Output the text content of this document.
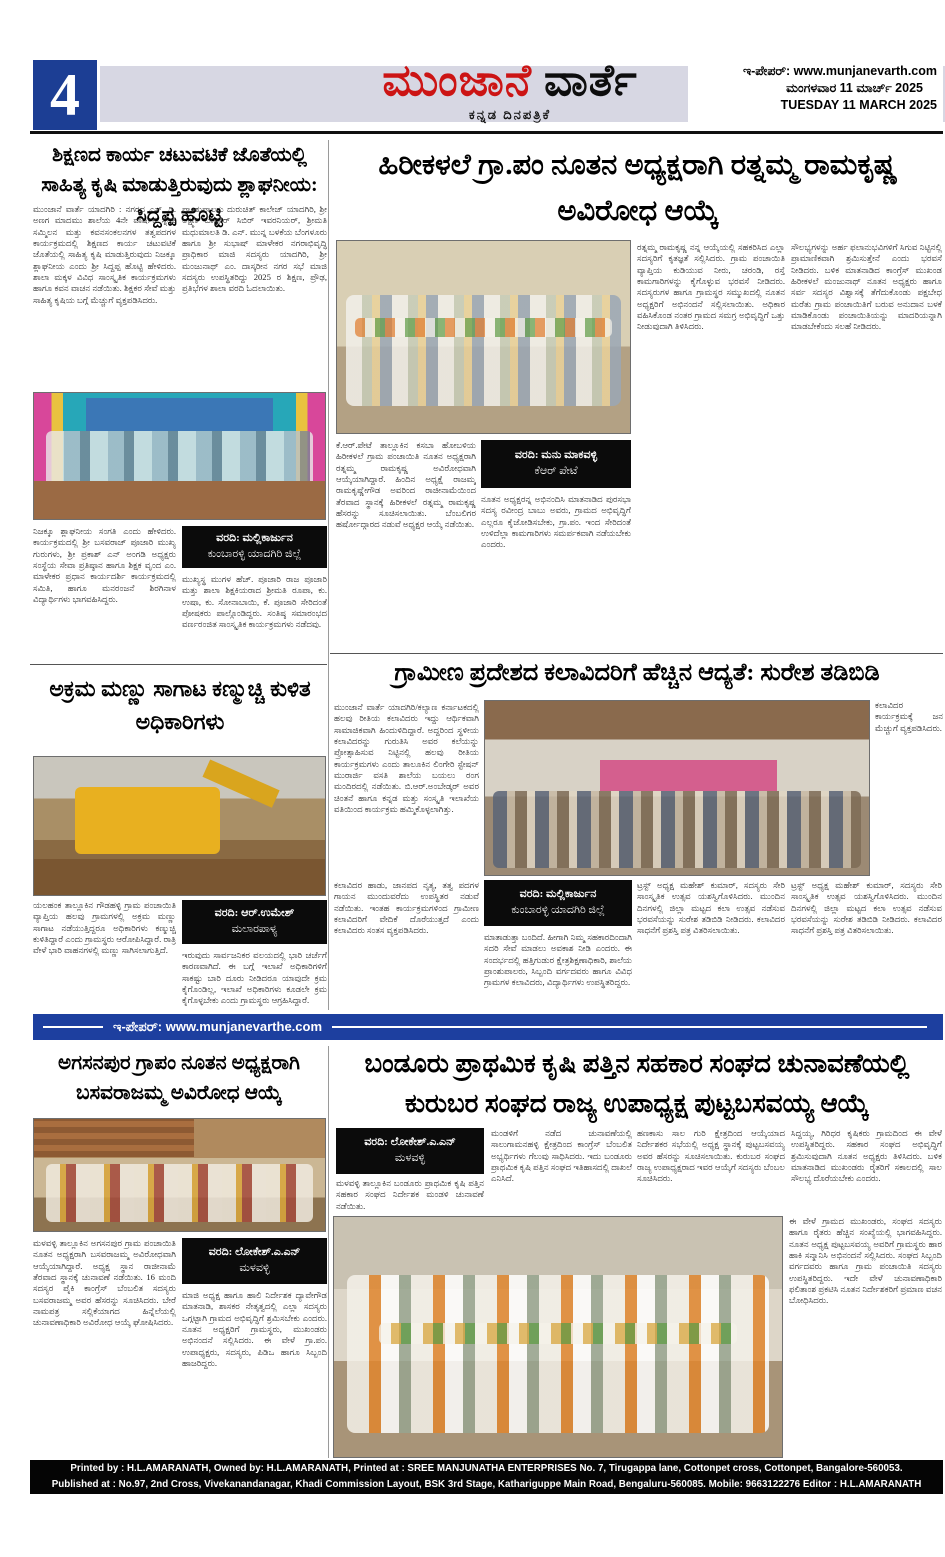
4	ಮುಂಜಾನೆ ವಾರ್ತೆ
ಕನ್ನಡ ದಿನಪತ್ರಿಕೆ
ಇ-ಪೇಪರ್: www.munjanevarth.com
ಮಂಗಳವಾರ 11 ಮಾರ್ಚ್ 2025
TUESDAY 11 MARCH 2025
ಶಿಕ್ಷಣದ ಕಾರ್ಯ ಚಟುವಟಿಕೆ ಜೊತೆಯಲ್ಲಿ ಸಾಹಿತ್ಯ ಕೃಷಿ ಮಾಡುತ್ತಿರುವುದು ಶ್ಲಾಘನೀಯ: ಸಿದ್ದಪ್ಪ ಹೊಟ್ಟಿ
ಮುಂಜಾನೆ ವಾರ್ತೆ ಯಾದಗಿರಿ : ನಗರದ ಎಸ್. ಡಿ. ಅಣಗ ಮಾದಮು ಶಾಲೆಯ 4ನೇ ವಾರ್ಷಿಕ ಸ್ನೇಹ ಸಮ್ಮಿಲನ ಮತ್ತು ಕವನಸಂಕಲನಗಳ ತತ್ವಪದಗಳ ಕಾರ್ಯಕ್ರಮದಲ್ಲಿ ಶಿಕ್ಷಣದ ಕಾರ್ಯ ಚಟುವಟಿಕೆ ಜೊತೆಯಲ್ಲಿ ಸಾಹಿತ್ಯ ಕೃಷಿ ಮಾಡುತ್ತಿರುವುದು ನಿಜಕ್ಕೂ ಶ್ಲಾಘನೀಯ ಎಂದು ಶ್ರೀ ಸಿದ್ದಪ್ಪ ಹೊಟ್ಟಿ ಹೇಳಿದರು. ಶಾಲಾ ಮಕ್ಕಳ ವಿವಿಧ ಸಾಂಸ್ಕೃತಿಕ ಕಾರ್ಯಕ್ರಮಗಳು ಹಾಗೂ ಕವನ ವಾಚನ ನಡೆಯಿತು. ಶಿಕ್ಷಕರ ಸೇವೆ ಮತ್ತು ಸಾಹಿತ್ಯ ಕೃಷಿಯ ಬಗ್ಗೆ ಮೆಚ್ಚುಗೆ ವ್ಯಕ್ತಪಡಿಸಿದರು.
ಪ್ರಾಂಶುಪಾಲರು ದುರುಚಿತ್ ಕಾಲೇಜ್ ಯಾದಗಿರಿ, ಶ್ರೀ ಲಕ್ಷ್ಮಣ ಬಾಪೂರ್ ಸಿಬಿರ್ ಇವರನಿಯರ್, ಶ್ರೀಮತಿ ಮಧುಮಾಲತಿ ಡಿ. ಎನ್. ಮುನ್ನ ಬಳಕೆಯ ಬೆಂಗಳೂರು ಹಾಗೂ ಶ್ರೀ ಸುಭಾಷ್ ಮಾಳೇಕರ ನಗರಾಭಿವೃದ್ಧಿ ಪ್ರಾಧಿಕಾರ ಮಾಜಿ ಸದಸ್ಯರು ಯಾದಗಿರಿ, ಶ್ರೀ ಮಂಜುನಾಥ್ ಎಂ. ದಾಸ್ಕರೀನ ನಗರ ಸಭೆ ಮಾಜಿ ಸದಸ್ಯರು ಉಪಸ್ಥಿತರಿದ್ದು 2025 ರ ಶಿಕ್ಷಣ, ಪ್ರೌಢ, ಪ್ರತಿಭೆಗಳ ಶಾಲಾ ವರದಿ ಓದಲಾಯಿತು.
ನಿಜಕ್ಕೂ ಶ್ಲಾಘನೀಯ ಸಂಗತಿ ಎಂದು ಹೇಳಿದರು. ಕಾರ್ಯಕ್ರಮದಲ್ಲಿ ಶ್ರೀ ಬಸವರಾಜ್ ಪೂಜಾರಿ ಮುಖ್ಯ ಗುರುಗಳು, ಶ್ರೀ ಪ್ರಕಾಶ್ ಎನ್ ಅಂಗಡಿ ಅಧ್ಯಕ್ಷರು ಸಂಸ್ಥೆಯ ಸೇವಾ ಪ್ರತಿಷ್ಠಾನ ಹಾಗೂ ಶಿಕ್ಷಕ ವೃಂದ ಎಂ. ಮಾಳೇಕರ ಪ್ರಧಾನ ಕಾರ್ಯದರ್ಶಿ ಕಾರ್ಯಕ್ರಮದಲ್ಲಿ ಸಮಿತಿ, ಹಾಗೂ ಮನರಂಜನೆ ಶಿರಗಿನಾಳ ವಿದ್ಯಾರ್ಥಿಗಳು ಭಾಗವಹಿಸಿದ್ದರು.
ವರದಿ: ಮಲ್ಲಿಕಾರ್ಜುನ
ಕುಂಬಾರಳ್ಳಿ ಯಾದಗಿರಿ ಜಿಲ್ಲೆ
ಮುಖ್ಯಸ್ಥ ಮುಗಳ ಹೆಚ್. ಪೂಜಾರಿ ರಾಜ ಪೂಜಾರಿ ಮತ್ತು ಶಾಲಾ ಶಿಕ್ಷಕಿಯರಾದ ಶ್ರೀಮತಿ ರೂಪಾ, ಕು. ಉಷಾ, ಕು. ಸೋನಾಬಾಯಿ, ಕೆ. ಪೂಜಾರಿ ಸೇರಿದಂತೆ ಪೋಷಕರು ಪಾಲ್ಗೊಂಡಿದ್ದರು. ಸಂತಿಷ್ಠ ಸಮಾರಂಭದ ವರ್ಣರಂಜಿತ ಸಾಂಸ್ಕೃತಿಕ ಕಾರ್ಯಕ್ರಮಗಳು ನಡೆದವು.
ಹಿರೀಕಳಲೆ ಗ್ರಾ.ಪಂ ನೂತನ ಅಧ್ಯಕ್ಷರಾಗಿ ರತ್ನಮ್ಮ ರಾಮಕೃಷ್ಣ ಅವಿರೋಧ ಆಯ್ಕೆ
ಕೆ.ಆರ್.ಪೇಟೆ ತಾಲ್ಲೂಕಿನ ಕಸಬಾ ಹೋಬಳಿಯ ಹಿರೀಕಳಲೆ ಗ್ರಾಮ ಪಂಚಾಯಿತಿ ನೂತನ ಅಧ್ಯಕ್ಷರಾಗಿ ರತ್ನಮ್ಮ ರಾಮಕೃಷ್ಣ ಅವಿರೋಧವಾಗಿ ಆಯ್ಕೆಯಾಗಿದ್ದಾರೆ. ಹಿಂದಿನ ಅಧ್ಯಕ್ಷೆ ರಾಜಮ್ಮ ರಾಮಕೃಷ್ಣೇಗೌಡ ಅವರಿಂದ ರಾಜೀನಾಮೆಯಿಂದ ತೆರವಾದ ಸ್ಥಾನಕ್ಕೆ ಹಿರೀಕಳಲೆ ರತ್ನಮ್ಮ ರಾಮಕೃಷ್ಣ ಹೆಸರನ್ನು ಸೂಚಿಸಲಾಯಿತು. ಬೆಂಬಲಿಗರ ಹರ್ಷೋದ್ಗಾರದ ನಡುವೆ ಅಧ್ಯಕ್ಷರ ಆಯ್ಕೆ ನಡೆಯಿತು.
ವರದಿ: ಮನು ಮಾಕವಳ್ಳಿ
ಕೆಆರ್ ಪೇಟೆ
ನೂತನ ಅಧ್ಯಕ್ಷರನ್ನ ಅಭಿನಂದಿಸಿ ಮಾತನಾಡಿದ ಪುರಸಭಾ ಸದಸ್ಯ ರವೀಂದ್ರ ಬಾಬು ಅವರು, ಗ್ರಾಮದ ಅಭಿವೃದ್ಧಿಗೆ ಎಲ್ಲರೂ ಕೈಜೋಡಿಸಬೇಕು, ಗ್ರಾ.ಪಂ. ಇಂದ ಸೇರಿದಂತೆ ಉಳಿದೆಲ್ಲಾ ಕಾಮಗಾರಿಗಳು ಸಮರ್ಪಕವಾಗಿ ನಡೆಯಬೇಕು ಎಂದರು.
ರತ್ನಮ್ಮ ರಾಮಕೃಷ್ಣ ನನ್ನ ಆಯ್ಕೆಯಲ್ಲಿ ಸಹಕರಿಸಿದ ಎಲ್ಲಾ ಸದಸ್ಯರಿಗೆ ಕೃತಜ್ಞತೆ ಸಲ್ಲಿಸಿದರು. ಗ್ರಾಮ ಪಂಚಾಯಿತಿ ವ್ಯಾಪ್ತಿಯ ಕುಡಿಯುವ ನೀರು, ಚರಂಡಿ, ರಸ್ತೆ ಕಾಮಗಾರಿಗಳನ್ನು ಕೈಗೊಳ್ಳುವ ಭರವಸೆ ನೀಡಿದರು. ಸದಸ್ಯರುಗಳ ಹಾಗೂ ಗ್ರಾಮಸ್ಥರ ಸಮ್ಮುಖದಲ್ಲಿ ನೂತನ ಅಧ್ಯಕ್ಷರಿಗೆ ಅಭಿನಂದನೆ ಸಲ್ಲಿಸಲಾಯಿತು. ಅಧಿಕಾರ ವಹಿಸಿಕೊಂಡ ನಂತರ ಗ್ರಾಮದ ಸಮಗ್ರ ಅಭಿವೃದ್ಧಿಗೆ ಒತ್ತು ನೀಡುವುದಾಗಿ ತಿಳಿಸಿದರು.
ಸೌಲಭ್ಯಗಳನ್ನು ಅರ್ಹ ಫಲಾನುಭವಿಗಳಿಗೆ ಸಿಗುವ ನಿಟ್ಟಿನಲ್ಲಿ ಪ್ರಾಮಾಣಿಕವಾಗಿ ಶ್ರಮಿಸುತ್ತೇನೆ ಎಂದು ಭರವಸೆ ನೀಡಿದರು. ಬಳಿಕ ಮಾತನಾಡಿದ ಕಾಂಗ್ರೆಸ್ ಮುಖಂಡ ಹಿರೀಕಳಲೆ ಮಂಜುನಾಥ್ ನೂತನ ಅಧ್ಯಕ್ಷರು ಹಾಗೂ ಸರ್ವ ಸದಸ್ಯರ ವಿಶ್ವಾಸಕ್ಕೆ ತೆಗೆದುಕೊಂಡು ಪಕ್ಷಬೇಧ ಮರೆತು ಗ್ರಾಮ ಪಂಚಾಯಿತಿಗೆ ಬರುವ ಅನುದಾನ ಬಳಕೆ ಮಾಡಿಕೊಂಡು ಪಂಚಾಯಿತಿಯನ್ನು ಮಾದರಿಯನ್ನಾಗಿ ಮಾಡಬೇಕೆಂದು ಸಲಹೆ ನೀಡಿದರು.
ಗ್ರಾಮೀಣ ಪ್ರದೇಶದ ಕಲಾವಿದರಿಗೆ ಹೆಚ್ಚಿನ ಆದ್ಯತೆ: ಸುರೇಶ ತಡಿಬಿಡಿ
ಮುಂಜಾನೆ ವಾರ್ತೆ ಯಾದಗಿರಿ/ಕಲ್ಯಾಣ ಕರ್ನಾಟಕದಲ್ಲಿ ಹಲವು ರೀತಿಯ ಕಲಾವಿದರು ಇದ್ದು ಆರ್ಥಿಕವಾಗಿ ಸಾಮಾಜಿಕವಾಗಿ ಹಿಂದುಳಿದಿದ್ದಾರೆ. ಅದ್ದರಿಂದ ಸ್ಥಳೀಯ ಕಲಾವಿದರನ್ನು ಗುರುತಿಸಿ ಅವರ ಕಲೆಯನ್ನು ಪ್ರೋತ್ಸಾಹಿಸುವ ನಿಟ್ಟಿನಲ್ಲಿ ಹಲವು ರೀತಿಯ ಕಾರ್ಯಕ್ರಮಗಳು ಎಂದು ತಾಲೂಕಿನ ಲಿಂಗೇರಿ ಸ್ಟೇಷನ್ ಮುರಾರ್ಜಿ ವಸತಿ ಶಾಲೆಯ ಬಯಲು ರಂಗ ಮಂದಿರದಲ್ಲಿ ನಡೆಯಿತು. ಬಿ.ಆರ್.ಅಂಬೇಡ್ಕರ್ ಅವರ ಚಿಂತನೆ ಹಾಗೂ ಕನ್ನಡ ಮತ್ತು ಸಂಸ್ಕೃತಿ ಇಲಾಖೆಯ ವತಿಯಿಂದ ಕಾರ್ಯಕ್ರಮ ಹಮ್ಮಿಕೊಳ್ಳಲಾಗಿತ್ತು.
ಕಲಾವಿದರ ಕಾರ್ಯಕ್ರಮಕ್ಕೆ ಜನ ಮೆಚ್ಚುಗೆ ವ್ಯಕ್ತಪಡಿಸಿದರು.
ಕಲಾವಿದರ ಹಾಡು, ಜಾನಪದ ನೃತ್ಯ, ತತ್ವ ಪದಗಳ ಗಾಯನ ಮುಂದುವರೆದು ಉಪಸ್ಥಿತರ ನಡುವೆ ನಡೆಯಿತು. ಇಂತಹ ಕಾರ್ಯಕ್ರಮಗಳಿಂದ ಗ್ರಾಮೀಣ ಕಲಾವಿದರಿಗೆ ವೇದಿಕೆ ದೊರೆಯುತ್ತದೆ ಎಂದು ಕಲಾವಿದರು ಸಂತಸ ವ್ಯಕ್ತಪಡಿಸಿದರು.
ವರದಿ: ಮಲ್ಲಿಕಾರ್ಜುನ
ಕುಂಬಾರಳ್ಳಿ ಯಾದಗಿರಿ ಜಿಲ್ಲೆ
ಮಾತಾಡುತ್ತಾ ಬಂದಿದೆ. ಹೀಗಾಗಿ ನಿಮ್ಮ ಸಹಕಾರದಿಂದಾಗಿ ಸದರಿ ಸೇವೆ ಮಾಡಲು ಅವಕಾಶ ನೀಡಿ ಎಂದರು. ಈ ಸಂದರ್ಭದಲ್ಲಿ ಹತ್ತಿಗುಡುರ ಕ್ಷೇತ್ರಶಿಕ್ಷಣಾಧಿಕಾರಿ, ಶಾಲೆಯ ಪ್ರಾಂಶುಪಾಲರು, ಸಿಬ್ಬಂದಿ ವರ್ಗದವರು ಹಾಗೂ ವಿವಿಧ ಗ್ರಾಮಗಳ ಕಲಾವಿದರು, ವಿದ್ಯಾರ್ಥಿಗಳು ಉಪಸ್ಥಿತರಿದ್ದರು.
ಟ್ರಸ್ಟ್ ಅಧ್ಯಕ್ಷ ಮಹೇಶ್ ಕುಮಾರ್, ಸದಸ್ಯರು ಸೇರಿ ಸಾಂಸ್ಕೃತಿಕ ಉತ್ಸವ ಯಶಸ್ವಿಗೊಳಿಸಿದರು. ಮುಂದಿನ ದಿನಗಳಲ್ಲಿ ಜಿಲ್ಲಾ ಮಟ್ಟದ ಕಲಾ ಉತ್ಸವ ನಡೆಸುವ ಭರವಸೆಯನ್ನು ಸುರೇಶ ತಡಿಬಿಡಿ ನೀಡಿದರು. ಕಲಾವಿದರ ಸಾಧನೆಗೆ ಪ್ರಶಸ್ತಿ ಪತ್ರ ವಿತರಿಸಲಾಯಿತು.
ಟ್ರಸ್ಟ್ ಅಧ್ಯಕ್ಷ ಮಹೇಶ್ ಕುಮಾರ್, ಸದಸ್ಯರು ಸೇರಿ ಸಾಂಸ್ಕೃತಿಕ ಉತ್ಸವ ಯಶಸ್ವಿಗೊಳಿಸಿದರು. ಮುಂದಿನ ದಿನಗಳಲ್ಲಿ ಜಿಲ್ಲಾ ಮಟ್ಟದ ಕಲಾ ಉತ್ಸವ ನಡೆಸುವ ಭರವಸೆಯನ್ನು ಸುರೇಶ ತಡಿಬಿಡಿ ನೀಡಿದರು. ಕಲಾವಿದರ ಸಾಧನೆಗೆ ಪ್ರಶಸ್ತಿ ಪತ್ರ ವಿತರಿಸಲಾಯಿತು.
ಅಕ್ರಮ ಮಣ್ಣು ಸಾಗಾಟ ಕಣ್ಮುಚ್ಚಿ ಕುಳಿತ ಅಧಿಕಾರಿಗಳು
ಯಲಹಂಕ ತಾಲ್ಲೂಕಿನ ಗೌಡಹಳ್ಳಿ ಗ್ರಾಮ ಪಂಚಾಯಿತಿ ವ್ಯಾಪ್ತಿಯ ಹಲವು ಗ್ರಾಮಗಳಲ್ಲಿ ಅಕ್ರಮ ಮಣ್ಣು ಸಾಗಾಟ ನಡೆಯುತ್ತಿದ್ದರೂ ಅಧಿಕಾರಿಗಳು ಕಣ್ಮುಚ್ಚಿ ಕುಳಿತಿದ್ದಾರೆ ಎಂದು ಗ್ರಾಮಸ್ಥರು ಆರೋಪಿಸಿದ್ದಾರೆ. ರಾತ್ರಿ ವೇಳೆ ಭಾರಿ ವಾಹನಗಳಲ್ಲಿ ಮಣ್ಣು ಸಾಗಿಸಲಾಗುತ್ತಿದೆ.
ವರದಿ: ಆರ್.ಉಮೇಶ್
ಮಲಾರಪಾಳ್ಯ
ಇರುವುದು ಸಾರ್ವಜನಿಕರ ವಲಯದಲ್ಲಿ ಭಾರಿ ಚರ್ಚೆಗೆ ಕಾರಣವಾಗಿದೆ. ಈ ಬಗ್ಗೆ ಇಲಾಖೆ ಅಧಿಕಾರಿಗಳಿಗೆ ಸಾಕಷ್ಟು ಬಾರಿ ದೂರು ನೀಡಿದರೂ ಯಾವುದೇ ಕ್ರಮ ಕೈಗೊಂಡಿಲ್ಲ, ಇಲಾಖೆ ಅಧಿಕಾರಿಗಳು ಕೂಡಲೇ ಕ್ರಮ ಕೈಗೊಳ್ಳಬೇಕು ಎಂದು ಗ್ರಾಮಸ್ಥರು ಆಗ್ರಹಿಸಿದ್ದಾರೆ.
ಇ-ಪೇಪರ್: www.munjanevarthe.com
ಅಗಸನಪುರ ಗ್ರಾಪಂ ನೂತನ ಅಧ್ಯಕ್ಷರಾಗಿ ಬಸವರಾಜಮ್ಮ ಅವಿರೋಧ ಆಯ್ಕೆ
ಮಳವಳ್ಳಿ ತಾಲ್ಲೂಕಿನ ಅಗಸನಪುರ ಗ್ರಾಮ ಪಂಚಾಯಿತಿ ನೂತನ ಅಧ್ಯಕ್ಷರಾಗಿ ಬಸವರಾಜಮ್ಮ ಅವಿರೋಧವಾಗಿ ಆಯ್ಕೆಯಾಗಿದ್ದಾರೆ. ಅಧ್ಯಕ್ಷ ಸ್ಥಾನ ರಾಜೀನಾಮೆ ತೆರವಾದ ಸ್ಥಾನಕ್ಕೆ ಚುನಾವಣೆ ನಡೆಯಿತು. 16 ಮಂದಿ ಸದಸ್ಯರ ಪೈಕಿ ಕಾಂಗ್ರೆಸ್ ಬೆಂಬಲಿತ ಸದಸ್ಯರು ಬಸವರಾಜಮ್ಮ ಅವರ ಹೆಸರನ್ನು ಸೂಚಿಸಿದರು. ಬೇರೆ ನಾಮಪತ್ರ ಸಲ್ಲಿಕೆಯಾಗದ ಹಿನ್ನೆಲೆಯಲ್ಲಿ ಚುನಾವಣಾಧಿಕಾರಿ ಅವಿರೋಧ ಆಯ್ಕೆ ಘೋಷಿಸಿದರು.
ವರದಿ: ಲೋಕೇಶ್.ಎ.ಎನ್
ಮಳವಳ್ಳಿ
ಮಾಜಿ ಅಧ್ಯಕ್ಷ ಹಾಗೂ ಹಾಲಿ ನಿರ್ದೇಶಕ ದ್ಯಾವೇಗೌಡ ಮಾತನಾಡಿ, ಶಾಸಕರ ನೇತೃತ್ವದಲ್ಲಿ ಎಲ್ಲಾ ಸದಸ್ಯರು ಒಗ್ಗಟ್ಟಾಗಿ ಗ್ರಾಮದ ಅಭಿವೃದ್ಧಿಗೆ ಶ್ರಮಿಸಬೇಕು ಎಂದರು. ನೂತನ ಅಧ್ಯಕ್ಷರಿಗೆ ಗ್ರಾಮಸ್ಥರು, ಮುಖಂಡರು ಅಭಿನಂದನೆ ಸಲ್ಲಿಸಿದರು. ಈ ವೇಳೆ ಗ್ರಾ.ಪಂ. ಉಪಾಧ್ಯಕ್ಷರು, ಸದಸ್ಯರು, ಪಿಡಿಒ ಹಾಗೂ ಸಿಬ್ಬಂದಿ ಹಾಜರಿದ್ದರು.
ಬಂಡೂರು ಪ್ರಾಥಮಿಕ ಕೃಷಿ ಪತ್ತಿನ ಸಹಕಾರ ಸಂಘದ ಚುನಾವಣೆಯಲ್ಲಿ ಕುರುಬರ ಸಂಘದ ರಾಜ್ಯ ಉಪಾಧ್ಯಕ್ಷ ಪುಟ್ಟಬಸವಯ್ಯ ಆಯ್ಕೆ
ವರದಿ: ಲೋಕೇಶ್.ಎ.ಎನ್
ಮಳವಳ್ಳಿ
ಮಳವಳ್ಳಿ ತಾಲ್ಲೂಕಿನ ಬಂಡೂರು ಪ್ರಾಥಮಿಕ ಕೃಷಿ ಪತ್ತಿನ ಸಹಕಾರ ಸಂಘದ ನಿರ್ದೇಶಕ ಮಂಡಳಿ ಚುನಾವಣೆ ನಡೆಯಿತು.
ಮಂಡಳಿಗೆ ನಡೆದ ಚುನಾವಣೆಯಲ್ಲಿ ಸಾಲುಗಾಮನಹಳ್ಳಿ ಕ್ಷೇತ್ರದಿಂದ ಕಾಂಗ್ರೆಸ್ ಬೆಂಬಲಿತ ಅಭ್ಯರ್ಥಿಗಳು ಗೆಲುವು ಸಾಧಿಸಿದರು. ಇದು ಬಂಡೂರು ಪ್ರಾಥಮಿಕ ಕೃಷಿ ಪತ್ತಿನ ಸಂಘದ ಇತಿಹಾಸದಲ್ಲಿ ದಾಖಲೆ ಎನಿಸಿದೆ.
ಹಣಕಾಸು ಸಾಲ ಗುರಿ ಕ್ಷೇತ್ರದಿಂದ ಆಯ್ಕೆಯಾದ ನಿರ್ದೇಶಕರ ಸಭೆಯಲ್ಲಿ ಅಧ್ಯಕ್ಷ ಸ್ಥಾನಕ್ಕೆ ಪುಟ್ಟಬಸವಯ್ಯ ಅವರ ಹೆಸರನ್ನು ಸೂಚಿಸಲಾಯಿತು. ಕುರುಬರ ಸಂಘದ ರಾಜ್ಯ ಉಪಾಧ್ಯಕ್ಷರಾದ ಇವರ ಆಯ್ಕೆಗೆ ಸದಸ್ಯರು ಬೆಂಬಲ ಸೂಚಿಸಿದರು.
ಸಿದ್ದಯ್ಯ, ಗಿರಿಧರ ಕೃಷಿಕರು ಗ್ರಾಮದಿಂದ ಈ ವೇಳೆ ಉಪಸ್ಥಿತರಿದ್ದರು. ಸಹಕಾರ ಸಂಘದ ಅಭಿವೃದ್ಧಿಗೆ ಶ್ರಮಿಸುವುದಾಗಿ ನೂತನ ಅಧ್ಯಕ್ಷರು ತಿಳಿಸಿದರು. ಬಳಿಕ ಮಾತನಾಡಿದ ಮುಖಂಡರು ರೈತರಿಗೆ ಸಕಾಲದಲ್ಲಿ ಸಾಲ ಸೌಲಭ್ಯ ದೊರೆಯಬೇಕು ಎಂದರು.
ಈ ವೇಳೆ ಗ್ರಾಮದ ಮುಖಂಡರು, ಸಂಘದ ಸದಸ್ಯರು ಹಾಗೂ ರೈತರು ಹೆಚ್ಚಿನ ಸಂಖ್ಯೆಯಲ್ಲಿ ಭಾಗವಹಿಸಿದ್ದರು. ನೂತನ ಅಧ್ಯಕ್ಷ ಪುಟ್ಟಬಸವಯ್ಯ ಅವರಿಗೆ ಗ್ರಾಮಸ್ಥರು ಹಾರ ಹಾಕಿ ಸನ್ಮಾನಿಸಿ ಅಭಿನಂದನೆ ಸಲ್ಲಿಸಿದರು. ಸಂಘದ ಸಿಬ್ಬಂದಿ ವರ್ಗದವರು ಹಾಗೂ ಗ್ರಾಮ ಪಂಚಾಯಿತಿ ಸದಸ್ಯರು ಉಪಸ್ಥಿತರಿದ್ದರು. ಇದೇ ವೇಳೆ ಚುನಾವಣಾಧಿಕಾರಿ ಫಲಿತಾಂಶ ಪ್ರಕಟಿಸಿ ನೂತನ ನಿರ್ದೇಶಕರಿಗೆ ಪ್ರಮಾಣ ವಚನ ಬೋಧಿಸಿದರು.
Printed by : H.L.AMARANATH, Owned by: H.L.AMARANATH, Printed at : SREE MANJUNATHA ENTERPRISES No. 7, Tirugappa lane, Cottonpet cross, Cottonpet, Bangalore-560053.
Published at : No.97, 2nd Cross, Vivekanandanagar, Khadi Commission Layout, BSK 3rd Stage, Kathariguppe Main Road, Bengaluru-560085. Mobile: 9663122276 Editor : H.L.AMARANATH
